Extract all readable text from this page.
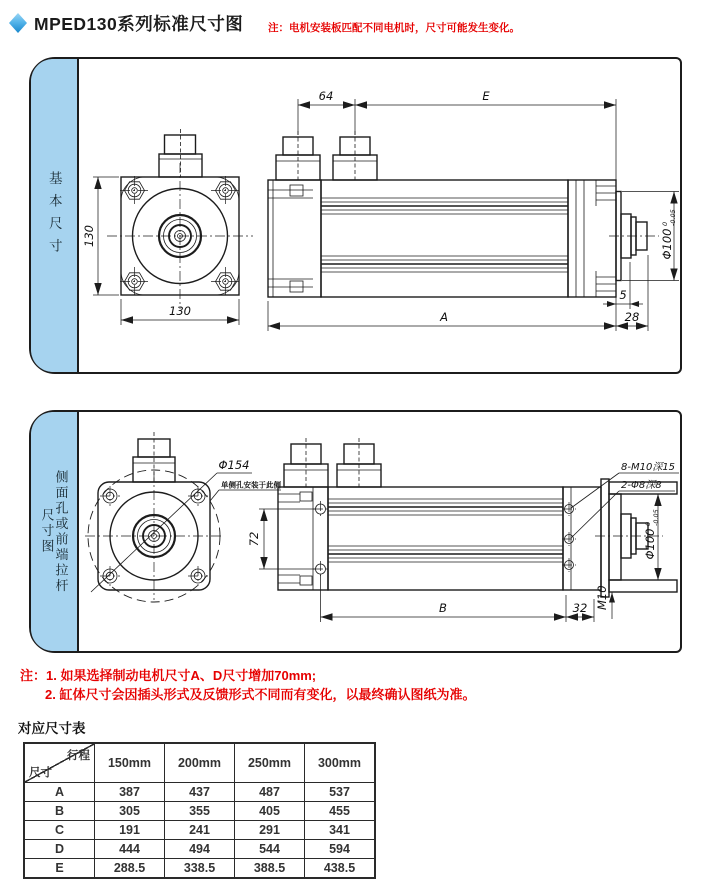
MPED130系列标准尺寸图 注：电机安装板匹配不同电机时，尺寸可能发生变化。
基本尺寸 130
130
64	E
Φ100
0 -0.05
5
A	28
侧面孔或前端拉杆
尺寸图
Φ154
单侧孔安装于此侧
8-M10深15
2-Φ8深8
M10
72	Φ100
0 -0.05
B	32
注：1. 如果选择制动电机尺寸A、D尺寸增加70mm;
2. 缸体尺寸会因插头形式及反馈形式不同而有变化，以最终确认图纸为准。
对应尺寸表
行程
尺寸	150mm	200mm	250mm	300mm
A	387	437	487	537
B	305	355	405	455
C	191	241	291	341
D	444	494	544	594
E	288.5	338.5	388.5	438.5
